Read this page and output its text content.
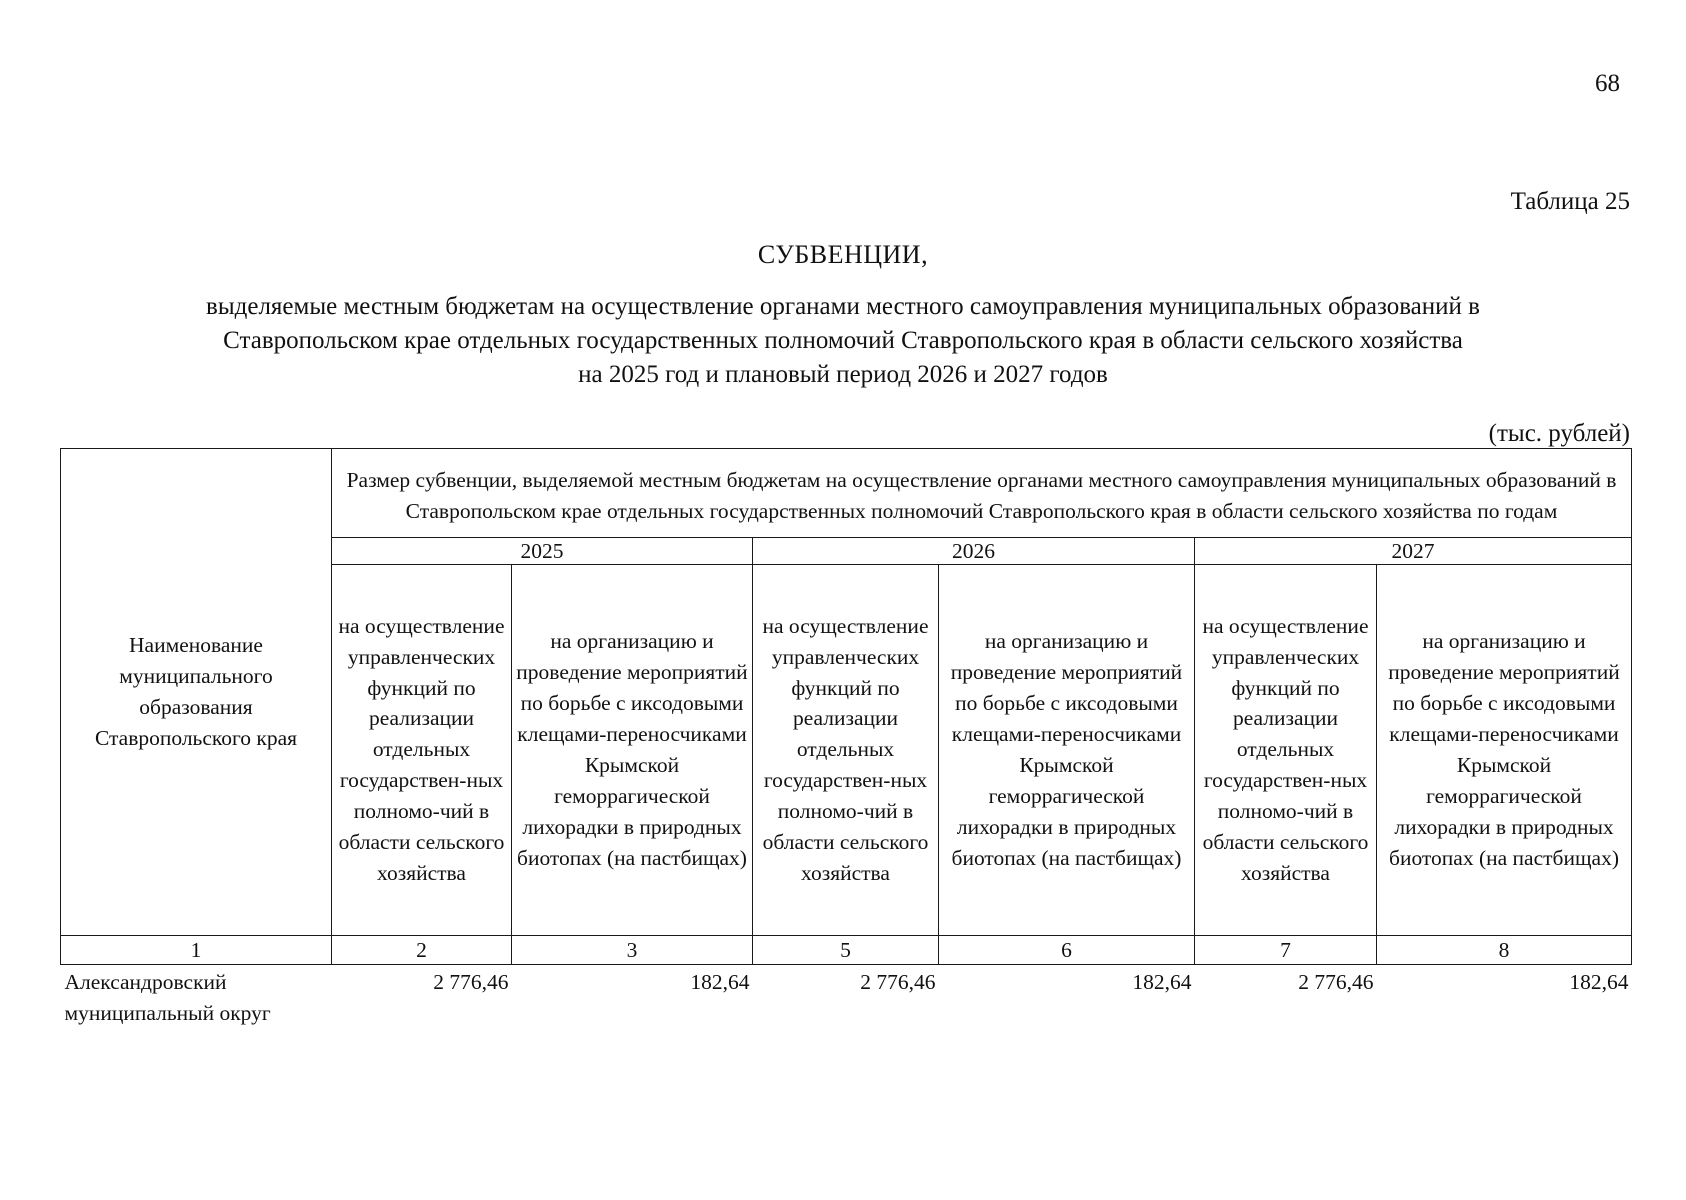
68
Таблица 25
СУБВЕНЦИИ,
выделяемые местным бюджетам на осуществление органами местного самоуправления муниципальных образований в
Ставропольском крае отдельных государственных полномочий Ставропольского края в области сельского хозяйства
на 2025 год и плановый период 2026 и 2027 годов
(тыс. рублей)
Наименование муниципального образования Ставропольского края	Размер субвенции, выделяемой местным бюджетам на осуществление органами местного самоуправления муниципальных образований в Ставропольском крае отдельных государственных полномочий Ставропольского края в области сельского хозяйства по годам					
	2025		2026		2027	
	на осуществление управленческих функций по реализации отдельных государствен-ных полномо-чий в области сельского хозяйства	на организацию и проведение мероприятий по борьбе с иксодовыми клещами-переносчиками Крымской геморрагической лихорадки в природных биотопах (на пастбищах)	на осуществление управленческих функций по реализации отдельных государствен-ных полномо-чий в области сельского хозяйства	на организацию и проведение мероприятий по борьбе с иксодовыми клещами-переносчиками Крымской геморрагической лихорадки в природных биотопах (на пастбищах)	на осуществление управленческих функций по реализации отдельных государствен-ных полномо-чий в области сельского хозяйства	на организацию и проведение мероприятий по борьбе с иксодовыми клещами-переносчиками Крымской геморрагической лихорадки в природных биотопах (на пастбищах)
1	2	3	5	6	7	8
Александровский муниципальный округ	2 776,46	182,64	2 776,46	182,64	2 776,46	182,64
